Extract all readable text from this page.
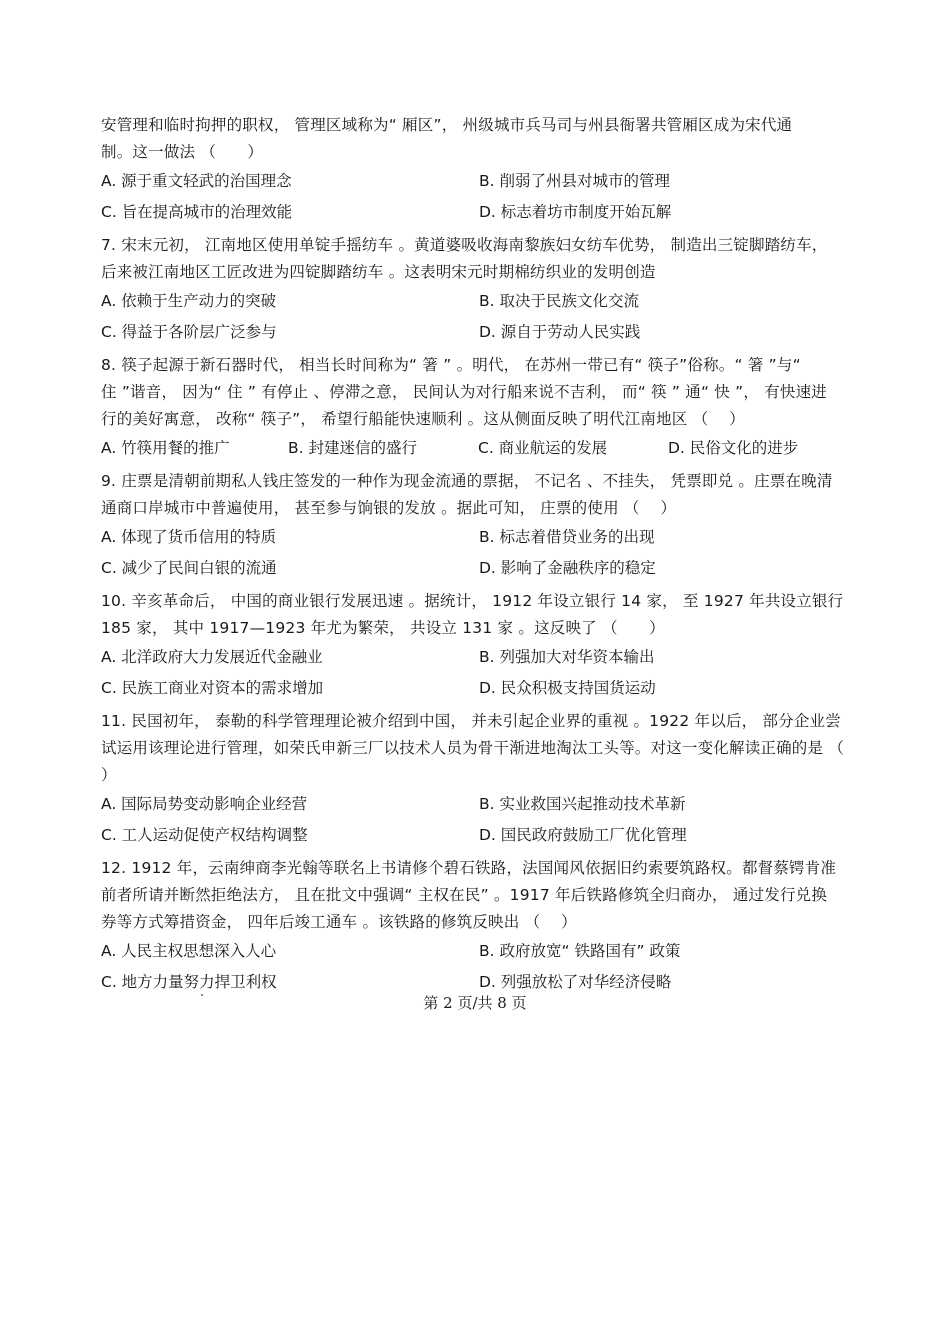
安管理和临时拘押的职权， 管理区域称为“ 厢区”， 州级城市兵马司与州县衙署共管厢区成为宋代通
制。这一做法 （　　）
A. 源于重文轻武的治国理念	B. 削弱了州县对城市的管理
C. 旨在提高城市的治理效能	D. 标志着坊市制度开始瓦解
7. 宋末元初， 江南地区使用单锭手摇纺车 。黄道婆吸收海南黎族妇女纺车优势， 制造出三锭脚踏纺车，
后来被江南地区工匠改进为四锭脚踏纺车 。这表明宋元时期棉纺织业的发明创造
A. 依赖于生产动力的突破	B. 取决于民族文化交流
C. 得益于各阶层广泛参与	D. 源自于劳动人民实践
8. 筷子起源于新石器时代， 相当长时间称为“ 箸 ” 。明代， 在苏州一带已有“ 筷子”俗称。“ 箸 ”与“
住 ”谐音， 因为“ 住 ” 有停止 、停滞之意， 民间认为对行船来说不吉利， 而“ 筷 ” 通“ 快 ”， 有快速进
行的美好寓意， 改称“ 筷子”， 希望行船能快速顺利 。这从侧面反映了明代江南地区 （　 ）
A. 竹筷用餐的推广	B. 封建迷信的盛行	C. 商业航运的发展	D. 民俗文化的进步
9. 庄票是清朝前期私人钱庄签发的一种作为现金流通的票据， 不记名 、不挂失， 凭票即兑 。庄票在晚清
通商口岸城市中普遍使用， 甚至参与饷银的发放 。据此可知， 庄票的使用 （　 ）
A. 体现了货币信用的特质	B. 标志着借贷业务的出现
C. 减少了民间白银的流通	D. 影响了金融秩序的稳定
10. 辛亥革命后， 中国的商业银行发展迅速 。据统计， 1912 年设立银行 14 家， 至 1927 年共设立银行
185 家， 其中 1917—1923 年尤为繁荣， 共设立 131 家 。这反映了 （　　）
A. 北洋政府大力发展近代金融业	B. 列强加大对华资本输出
C. 民族工商业对资本的需求增加	D. 民众积极支持国货运动
11. 民国初年， 泰勒的科学管理理论被介绍到中国， 并未引起企业界的重视 。1922 年以后， 部分企业尝
试运用该理论进行管理，如荣氏申新三厂以技术人员为骨干渐进地淘汰工头等。对这一变化解读正确的是 （
）
A. 国际局势变动影响企业经营	B. 实业救国兴起推动技术革新
C. 工人运动促使产权结构调整	D. 国民政府鼓励工厂优化管理
12. 1912 年，云南绅商李光翰等联名上书请修个碧石铁路，法国闻风依据旧约索要筑路权。都督蔡锷肯准
前者所请并断然拒绝法方， 且在批文中强调“ 主权在民” 。1917 年后铁路修筑全归商办， 通过发行兑换
券等方式筹措资金， 四年后竣工通车 。该铁路的修筑反映出 （　 ）
A. 人民主权思想深入人心	B. 政府放宽“ 铁路国有” 政策
C. 地方力量努力捍卫利权	D. 列强放松了对华经济侵略
第 2 页/共 8 页
